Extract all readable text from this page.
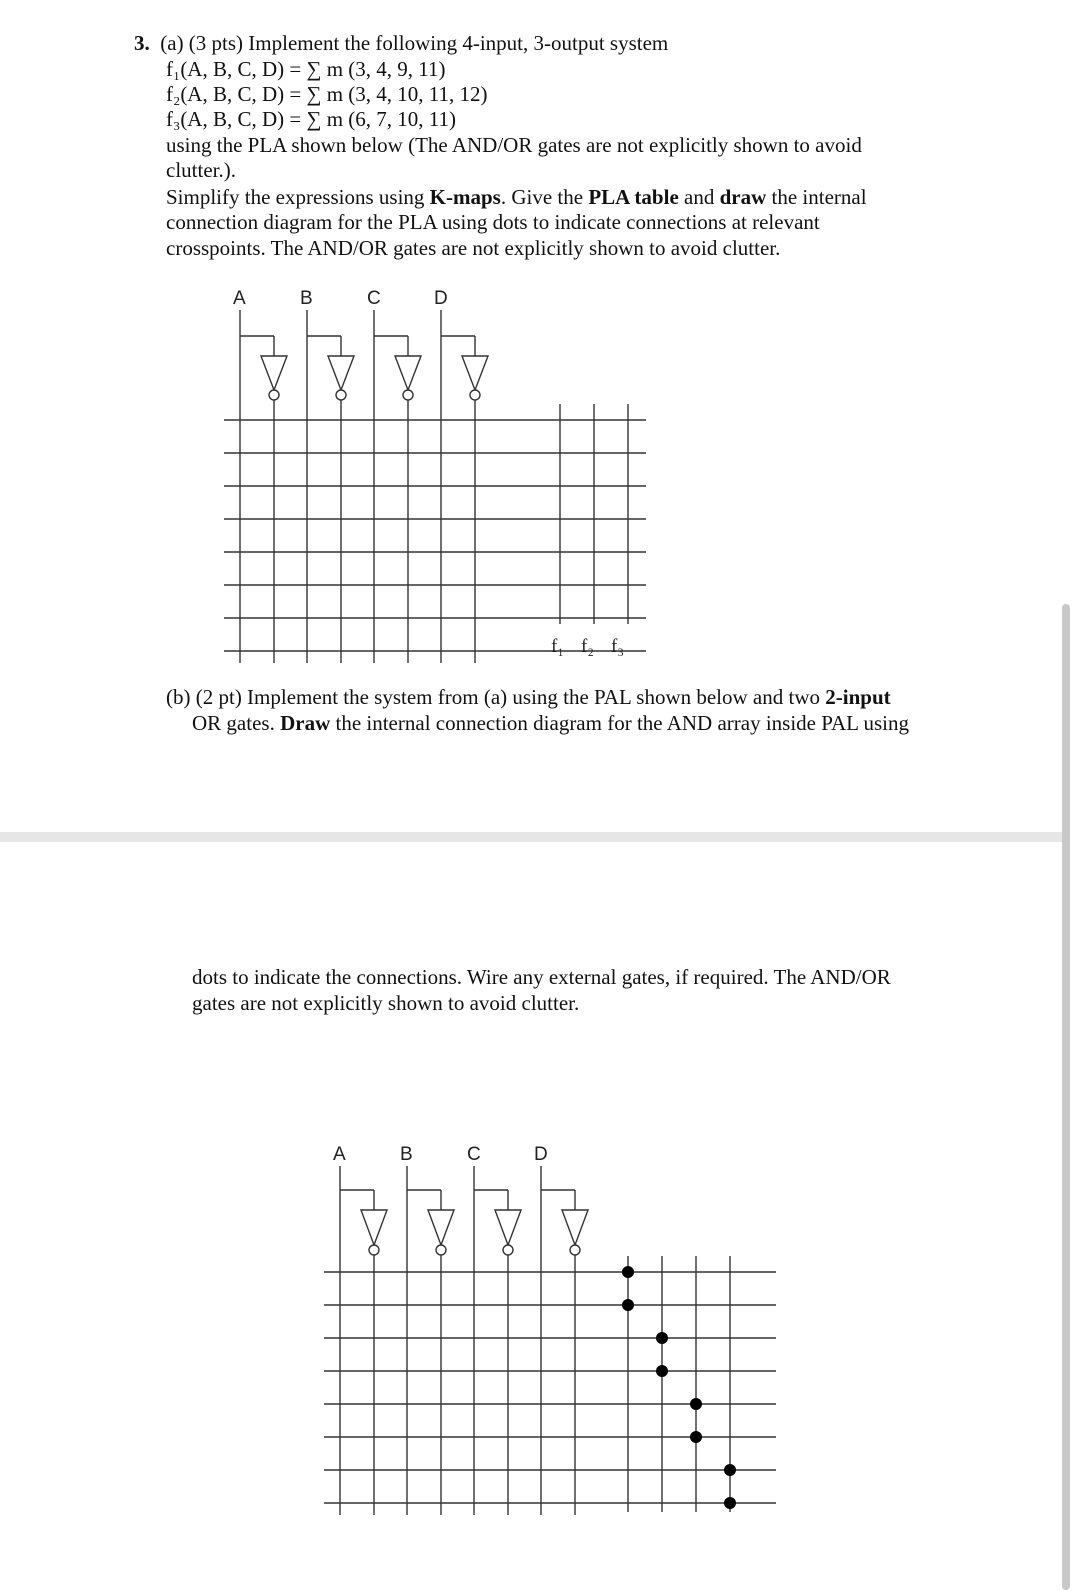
3. (a) (3 pts) Implement the following 4-input, 3-output system
f₁(A, B, C, D) = ∑ m (3, 4, 9, 11)
f₂(A, B, C, D) = ∑ m (3, 4, 10, 11, 12)
f₃(A, B, C, D) = ∑ m (6, 7, 10, 11)
using the PLA shown below (The AND/OR gates are not explicitly shown to avoid
clutter.).
Simplify the expressions using K-maps. Give the PLA table and draw the internal
connection diagram for the PLA using dots to indicate connections at relevant
crosspoints. The AND/OR gates are not explicitly shown to avoid clutter.
A	B	C	D
f₁ f₂ f₃
(b) (2 pt) Implement the system from (a) using the PAL shown below and two 2-input
OR gates. Draw the internal connection diagram for the AND array inside PAL using
dots to indicate the connections. Wire any external gates, if required. The AND/OR
gates are not explicitly shown to avoid clutter.
A	B	C	D
